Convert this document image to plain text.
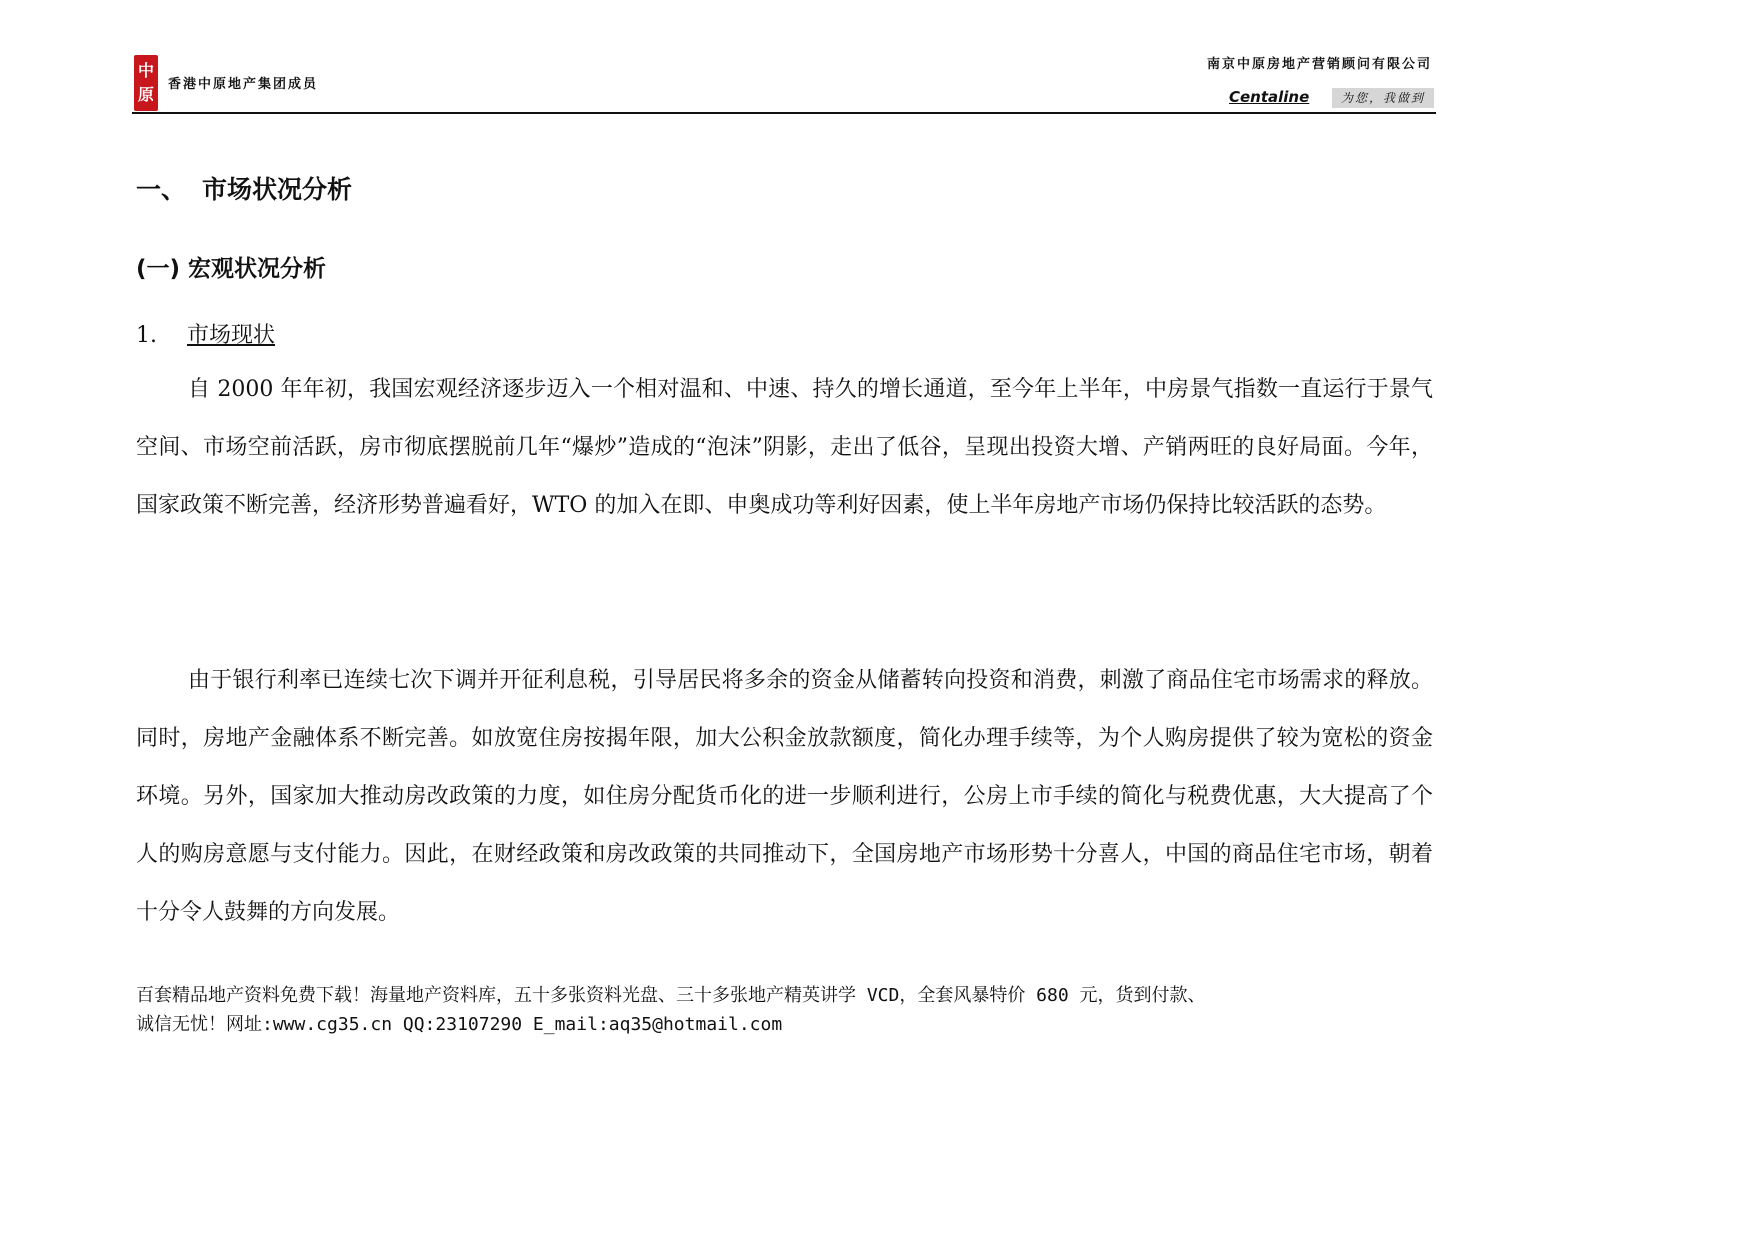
中
原
香港中原地产集团成员
南京中原房地产营销顾问有限公司
Centaline	为您，我做到
一、 市场状况分析
(一) 宏观状况分析
1. 市场现状

自 2000 年年初，我国宏观经济逐步迈入一个相对温和、中速、持久的增长通道，至今年上半年，中房景气指数一直运行于景气空间、市场空前活跃，房市彻底摆脱前几年“爆炒”造成的“泡沫”阴影，走出了低谷，呈现出投资大增、产销两旺的良好局面。今年，国家政策不断完善，经济形势普遍看好，WTO 的加入在即、申奥成功等利好因素，使上半年房地产市场仍保持比较活跃的态势。

由于银行利率已连续七次下调并开征利息税，引导居民将多余的资金从储蓄转向投资和消费，刺激了商品住宅市场需求的释放。同时，房地产金融体系不断完善。如放宽住房按揭年限，加大公积金放款额度，简化办理手续等，为个人购房提供了较为宽松的资金环境。另外，国家加大推动房改政策的力度，如住房分配货币化的进一步顺利进行，公房上市手续的简化与税费优惠，大大提高了个人的购房意愿与支付能力。因此，在财经政策和房改政策的共同推动下，全国房地产市场形势十分喜人，中国的商品住宅市场，朝着十分令人鼓舞的方向发展。

百套精品地产资料免费下载！海量地产资料库，五十多张资料光盘、三十多张地产精英讲学 VCD，全套风暴特价 680 元，货到付款、
诚信无忧！网址:www.cg35.cn QQ:23107290 E_mail:aq35@hotmail.com
